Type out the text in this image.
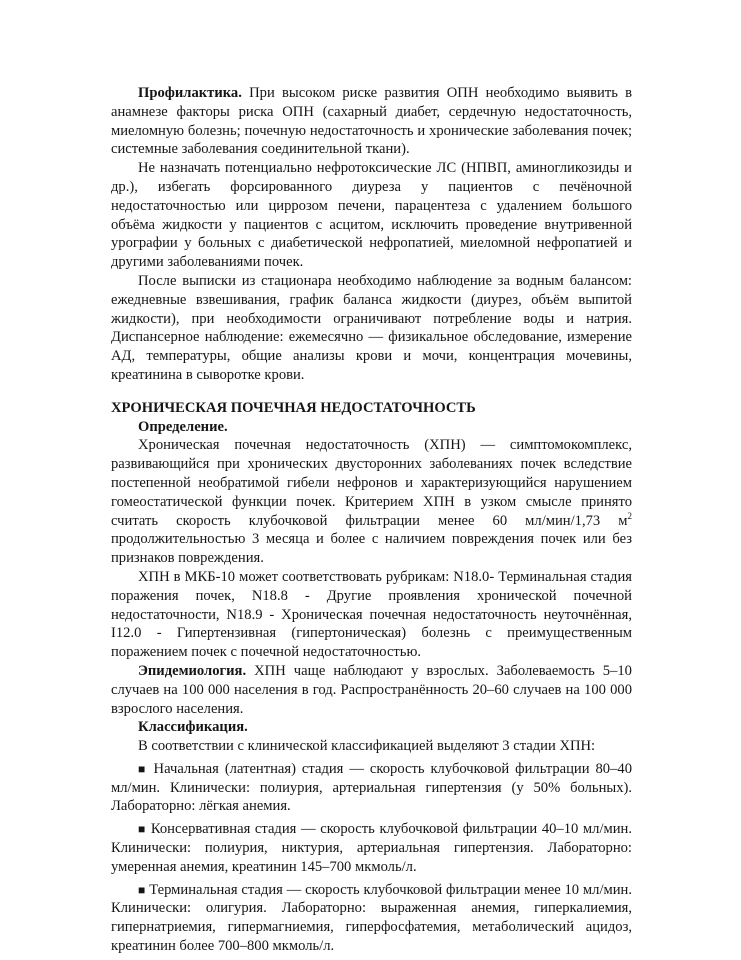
Профилактика. При высоком риске развития ОПН необходимо выявить в анамнезе факторы риска ОПН (сахарный диабет, сердечную недостаточность, миеломную болезнь; почечную недостаточность и хронические заболевания почек; системные заболевания соединительной ткани).

Не назначать потенциально нефротоксические ЛС (НПВП, аминогликозиды и др.), избегать форсированного диуреза у пациентов с печёночной недостаточностью или циррозом печени, парацентеза с удалением большого объёма жидкости у пациентов с асцитом, исключить проведение внутривенной урографии у больных с диабетической нефропатией, миеломной нефропатией и другими заболеваниями почек.

После выписки из стационара необходимо наблюдение за водным балансом: ежедневные взвешивания, график баланса жидкости (диурез, объём выпитой жидкости), при необходимости ограничивают потребление воды и натрия. Диспансерное наблюдение: ежемесячно — физикальное обследование, измерение АД, температуры, общие анализы крови и мочи, концентрация мочевины, креатинина в сыворотке крови.

ХРОНИЧЕСКАЯ ПОЧЕЧНАЯ НЕДОСТАТОЧНОСТЬ

Определение.

Хроническая почечная недостаточность (ХПН) — симптомокомплекс, развивающийся при хронических двусторонних заболеваниях почек вследствие постепенной необратимой гибели нефронов и характеризующийся нарушением гомеостатической функции почек. Критерием ХПН в узком смысле принято считать скорость клубочковой фильтрации менее 60 мл/мин/1,73 $м^2$ продолжительностью 3 месяца и более с наличием повреждения почек или без признаков повреждения.

ХПН в МКБ-10 может соответствовать рубрикам: N18.0- Терминальная стадия поражения почек, N18.8 - Другие проявления хронической почечной недостаточности, N18.9 - Хроническая почечная недостаточность неуточнённая, I12.0 - Гипертензивная (гипертоническая) болезнь с преимущественным поражением почек с почечной недостаточностью.

Эпидемиология. ХПН чаще наблюдают у взрослых. Заболеваемость 5–10 случаев на 100 000 населения в год. Распространённость 20–60 случаев на 100 000 взрослого населения.

Классификация.

В соответствии с клинической классификацией выделяют 3 стадии ХПН:

■ Начальная (латентная) стадия — скорость клубочковой фильтрации 80–40 мл/мин. Клинически: полиурия, артериальная гипертензия (у 50% больных). Лабораторно: лёгкая анемия.

■ Консервативная стадия — скорость клубочковой фильтрации 40–10 мл/мин. Клинически: полиурия, никтурия, артериальная гипертензия. Лабораторно: умеренная анемия, креатинин 145–700 мкмоль/л.

■ Терминальная стадия — скорость клубочковой фильтрации менее 10 мл/мин. Клинически: олигурия. Лабораторно: выраженная анемия, гиперкалиемия, гипернатриемия, гипермагниемия, гиперфосфатемия, метаболический ацидоз, креатинин более 700–800 мкмоль/л.
